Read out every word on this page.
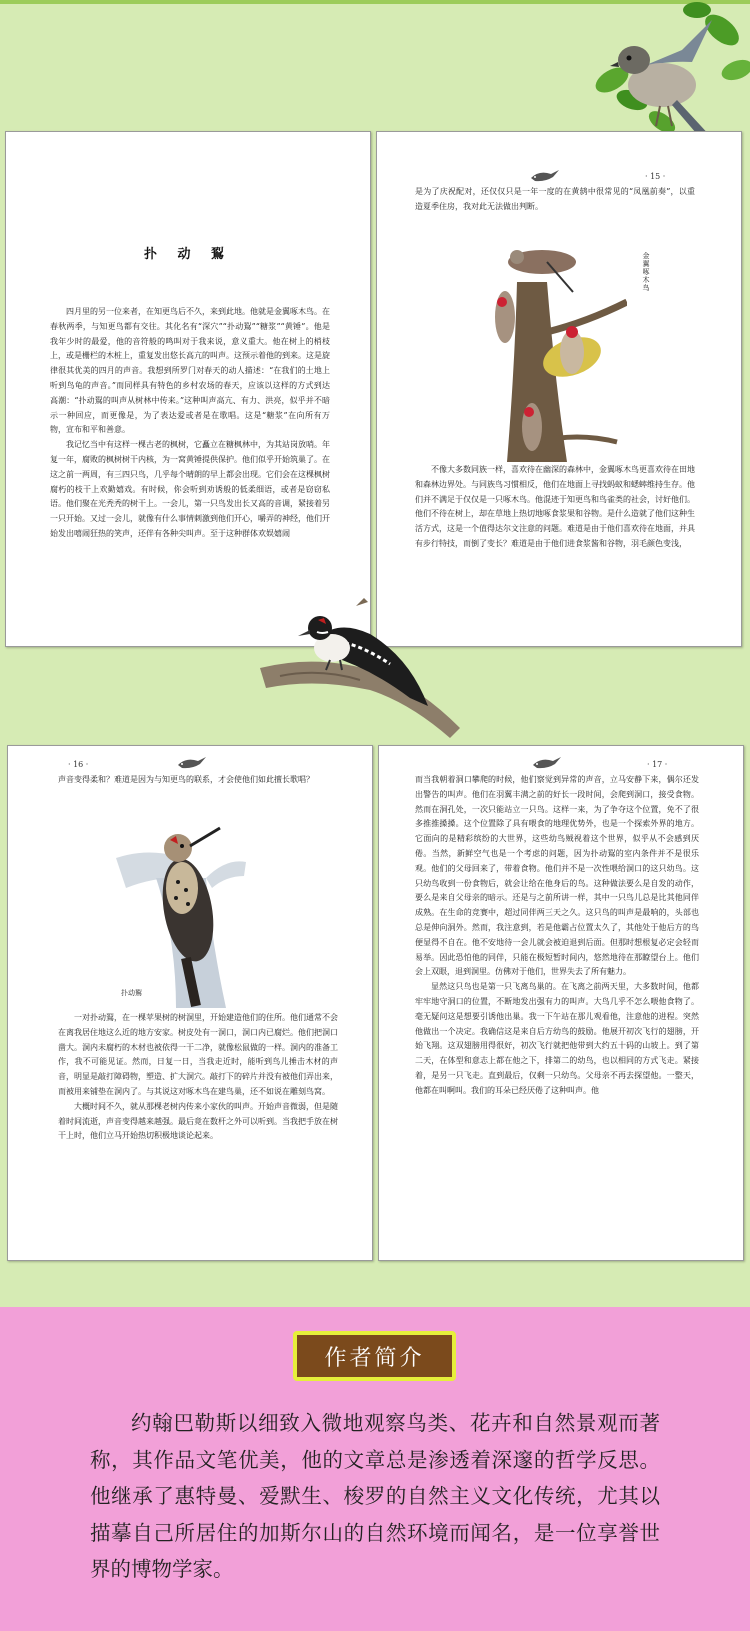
扑 动 鴷

四月里的另一位来者，在知更鸟后不久，来到此地。他就是金翼啄木鸟。在春秋两季，与知更鸟都有交往。其化名有“深穴”“扑动鴷”“糖浆”“黄锤”。他是我年少时的最爱，他的音符般的鸣叫对于我来说，意义重大。他在树上的梢枝上，或是栅栏的木桩上，重复发出悠长高亢的叫声。这预示着他的到来。这是旋律很其优美的四月的声音。我想到所罗门对春天的动人描述：“在我们的土地上听到鸟龟的声音。”而同样具有特色的乡村农场的春天，应该以这样的方式到达高潮：“扑动鴷的叫声从树林中传来。”这种叫声高亢、有力、洪亮，似乎并不暗示一种回应，而更像是，为了表达爱或者是在歌唱。这是“糖浆”在向所有万物，宣布和平和善意。

我记忆当中有这样一棵古老的枫树，它矗立在糖枫林中，为其站岗放哨。年复一年，腐败的枫树树干内核，为一窝黄锤提供保护。他们似乎开始筑巢了。在这之前一两周，有三四只鸟，几乎每个晴朗的早上都会出现。它们会在这棵枫树腐朽的枝干上欢勤嬉戏。有时候，你会听到劝诱般的低柔细语，或者是窃窃私语。他们聚在光秃秃的树干上。一会儿，第一只鸟发出长又高的音调，紧接着另一只开始。又过一会儿，就像有什么事情刺激到他们开心，嚼弄的神经，他们开始发出嘻闹狂热的笑声，还伴有各种尖叫声。至于这种群体欢娱嬉闹

· 15 ·

是为了庆祝配对，还仅仅只是一年一度的在黄鸫中很常见的“凤凰前奏”，以重造夏季住房，我对此无法做出判断。

金翼啄木鸟

不像大多数同族一样，喜欢待在幽深的森林中，金翼啄木鸟更喜欢待在田地和森林边界处。与同族鸟习惯相反，他们在地面上寻找蚂蚁和蟋蟀维持生存。他们并不满足于仅仅是一只啄木鸟。他混迹于知更鸟和鸟雀类的社会，讨好他们。他们不待在树上，却在草地上热切地啄食浆果和谷物。是什么造就了他们这种生活方式，这是一个值得达尔文注意的问题。难道是由于他们喜欢待在地面，并具有步行特技，而倒了变长？难道是由于他们进食浆酱和谷物，羽毛颜色变浅，

· 16 ·

声音变得柔和？难道是因为与知更鸟的联系，才会使他们如此擅长歌唱？

扑动鴷

一对扑动鴷，在一棵苹果树的树洞里，开始建造他们的住所。他们通常不会在离我居住地这么近的地方安家。树皮处有一洞口，洞口内已腐烂。他们把洞口凿大。洞内未腐朽的木材也被依得一干二净，就像松鼠做的一样。洞内的准备工作，我不可能见证。然而，日复一日，当我走近时，能听到鸟儿捶击木材的声音，明显是敲打障碍物，塑造、扩大洞穴。敲打下的碎片并没有被他们弄出来，而被用来铺垫在洞内了。与其说这对啄木鸟在建鸟巢，还不如说在雕刻鸟窝。

大概时间不久，就从那棵老树内传来小家伙的叫声。开始声音微弱，但是随着时间流逝，声音变得越来越强。最后竟在数杆之外可以听到。当我把手放在树干上时，他们立马开始热切积极地谈论起来。

· 17 ·

而当我朝着洞口攀爬的时候，他们察觉到异常的声音，立马安静下来，偶尔还发出警告的叫声。他们在羽翼丰满之前的好长一段时间，会爬到洞口，接受食物。然而在洞孔处，一次只能站立一只鸟。这样一来，为了争夺这个位置，免不了很多推推搡搡。这个位置除了具有喂食的地理优势外，也是一个探索外界的地方。它面向的是精彩缤纷的大世界，这些幼鸟贼视着这个世界，似乎从不会感到厌倦。当然，新鲜空气也是一个考虑的问题，因为扑动鴷的室内条件并不是很乐观。他们的父母回来了，带着食物。他们并不是一次性喂给洞口的这只幼鸟。这只幼鸟收到一份食物后，就会让给在他身后的鸟。这种做法要么是自发的动作，要么是来自父母亲的暗示。还是与之前所讲一样，其中一只鸟儿总是比其他同伴成熟。在生命的竞赛中，超过同伴两三天之久。这只鸟的叫声是最响的，头部也总是伸向洞外。然而，我注意到，若是他霸占位置太久了，其他处于他后方的鸟便显得不自在。他不安地待一会儿就会被迫退到后面。但那时想根复必定会轻而易举。因此恐怕他的同伴，只能在极短暂时间内，悠然地待在那瞭望台上。他们会上双眼，退到洞里。仿佛对于他们，世界失去了所有魅力。

显然这只鸟也是第一只飞离鸟巢的。在飞离之前两天里，大多数时间，他都牢牢地守洞口的位置，不断地发出强有力的叫声。大鸟几乎不怎么喂他食物了。毫无疑问这是想要引诱他出巢。我一下午站在那儿观看他，注意他的进程。突然他做出一个决定。我确信这是来自后方幼鸟的鼓励。他展开初次飞行的翅膀，开始飞翔。这双翅膀用得很好，初次飞行就把他带到大约五十码的山坡上。到了第二天，在体型和意志上都在他之下，排第二的幼鸟，也以相同的方式飞走。紧接着，是另一只飞走。直到最后，仅剩一只幼鸟。父母亲不再去探望他。一整天，他都在叫啊叫。我们的耳朵已经厌倦了这种叫声。他

作者简介

约翰巴勒斯以细致入微地观察鸟类、花卉和自然景观而著称，其作品文笔优美，他的文章总是渗透着深邃的哲学反思。他继承了惠特曼、爱默生、梭罗的自然主义文化传统，尤其以描摹自己所居住的加斯尔山的自然环境而闻名，是一位享誉世界的博物学家。
